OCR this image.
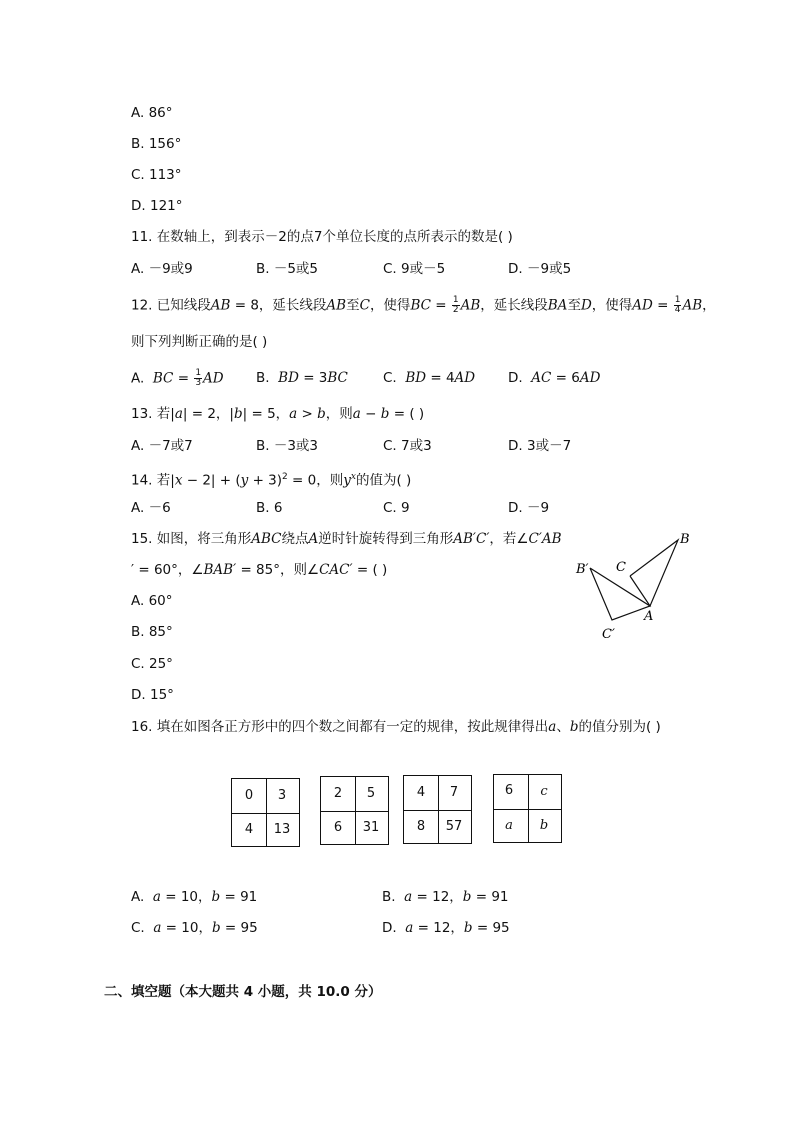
A. 86°
B. 156°
C. 113°
D. 121°
11. 在数轴上，到表示－2的点7个单位长度的点所表示的数是( )
A. －9或9	B. －5或5	C. 9或－5	D. －9或5
12. 已知线段AB = 8，延长线段AB至C，使得BC = $\frac{1}{2}$ AB，延长线段BA至D，使得AD = $\frac{1}{4}$ AB，
则下列判断正确的是( )
A. BC = $\frac{1}{3}$ AD B. BD = 3BC	C. BD = 4AD D. AC = 6AD
13. 若|a| = 2，|b| = 5，a > b，则a − b = ( )
A. －7或7	B. －3或3	C. 7或3	D. 3或－7
14. 若$|x - 2| + (y + 3)^2 = 0$，则$y^x$的值为( )
A. －6	B. 6	C. 9	D. －9
15. 如图，将三角形ABC绕点A逆时针旋转得到三角形AB′C′，若∠C′AB
′ = 60°，∠BAB′ = 85°，则∠CAC′ = ( )
A. 60°
B. 85°
C. 25°
D. 15°
B
C
B′
A
C′
16. 填在如图各正方形中的四个数之间都有一定的规律，按此规律得出a、b的值分别为( )
0	3
4	13
2	5
6	31
4	7
8	57
6	c
a	b
A. a = 10，b = 91	B. a = 12，b = 91
C. a = 10，b = 95	D. a = 12，b = 95
二、填空题（本大题共 4 小题，共 10.0 分）
